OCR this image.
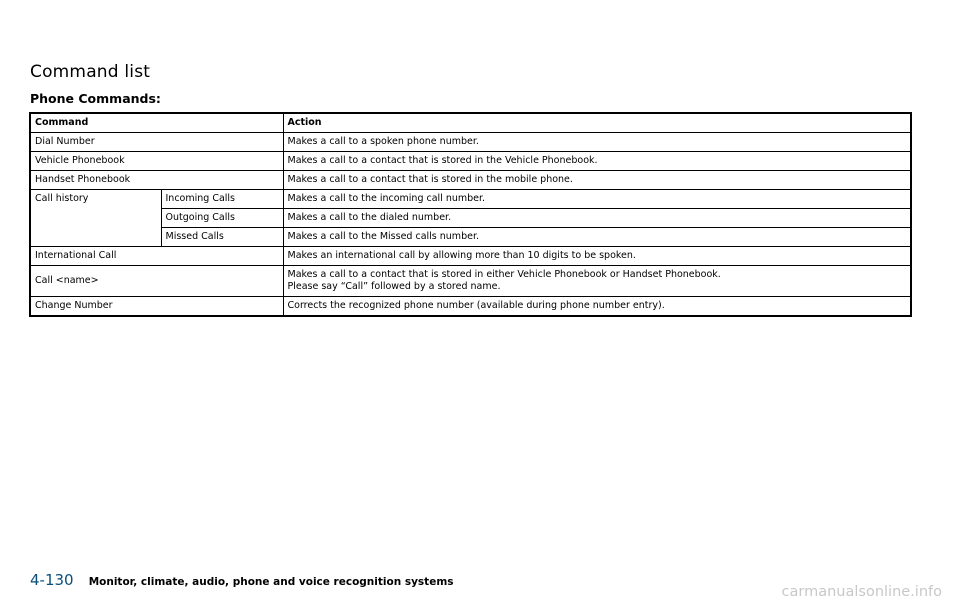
Command list
Phone Commands:
Command		Action
Dial Number		Makes a call to a spoken phone number.
Vehicle Phonebook		Makes a call to a contact that is stored in the Vehicle Phonebook.
Handset Phonebook		Makes a call to a contact that is stored in the mobile phone.
Call history	Incoming Calls	Makes a call to the incoming call number.
	Outgoing Calls	Makes a call to the dialed number.
	Missed Calls	Makes a call to the Missed calls number.
International Call		Makes an international call by allowing more than 10 digits to be spoken.
Call <name>		Makes a call to a contact that is stored in either Vehicle Phonebook or Handset Phonebook.
Please say “Call” followed by a stored name.

Change Number		Corrects the recognized phone number (available during phone number entry).
4-130 Monitor, climate, audio, phone and voice recognition systems
carmanualsonline.info
